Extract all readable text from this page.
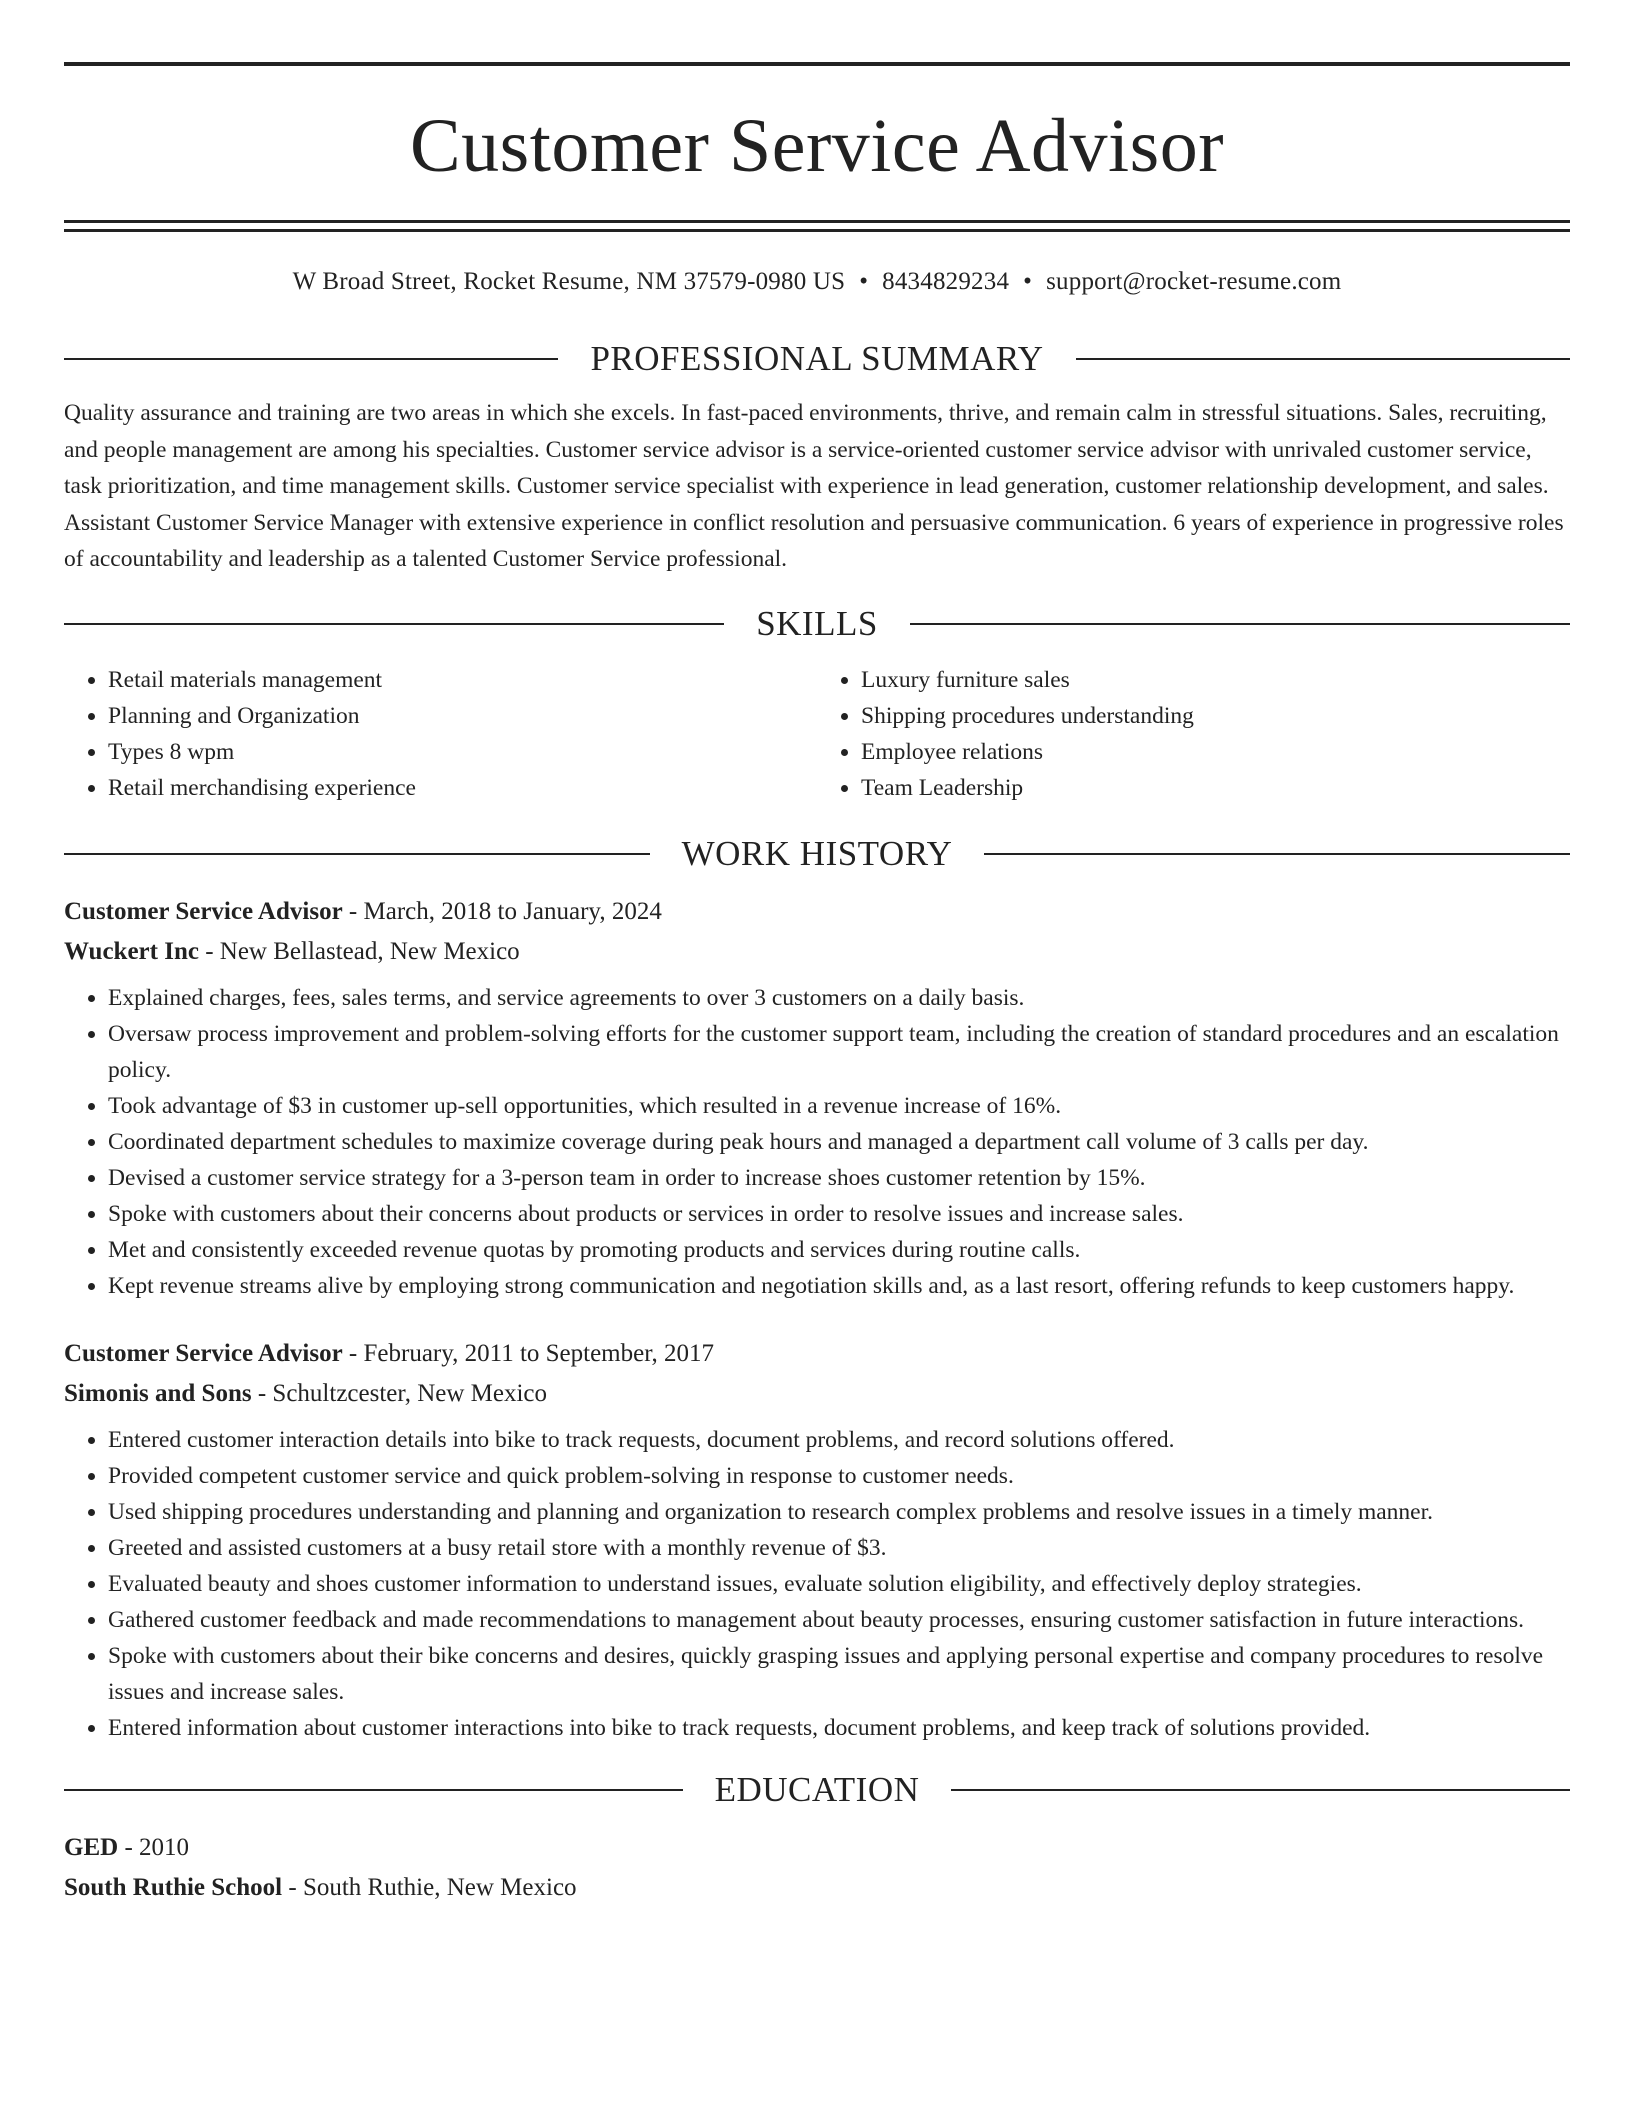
Customer Service Advisor
W Broad Street, Rocket Resume, NM 37579-0980 US • 8434829234 • support@rocket-resume.com
PROFESSIONAL SUMMARY
Quality assurance and training are two areas in which she excels. In fast-paced environments, thrive, and remain calm in stressful situations. Sales, recruiting, and people management are among his specialties. Customer service advisor is a service-oriented customer service advisor with unrivaled customer service, task prioritization, and time management skills. Customer service specialist with experience in lead generation, customer relationship development, and sales. Assistant Customer Service Manager with extensive experience in conflict resolution and persuasive communication. 6 years of experience in progressive roles of accountability and leadership as a talented Customer Service professional.
SKILLS
• Retail materials management
• Planning and Organization
• Types 8 wpm
• Retail merchandising experience
• Luxury furniture sales
• Shipping procedures understanding
• Employee relations
• Team Leadership
WORK HISTORY
Customer Service Advisor - March, 2018 to January, 2024
Wuckert Inc - New Bellastead, New Mexico
• Explained charges, fees, sales terms, and service agreements to over 3 customers on a daily basis.
• Oversaw process improvement and problem-solving efforts for the customer support team, including the creation of standard procedures and an escalation policy.
• Took advantage of $3 in customer up-sell opportunities, which resulted in a revenue increase of 16%.
• Coordinated department schedules to maximize coverage during peak hours and managed a department call volume of 3 calls per day.
• Devised a customer service strategy for a 3-person team in order to increase shoes customer retention by 15%.
• Spoke with customers about their concerns about products or services in order to resolve issues and increase sales.
• Met and consistently exceeded revenue quotas by promoting products and services during routine calls.
• Kept revenue streams alive by employing strong communication and negotiation skills and, as a last resort, offering refunds to keep customers happy.
Customer Service Advisor - February, 2011 to September, 2017
Simonis and Sons - Schultzcester, New Mexico
• Entered customer interaction details into bike to track requests, document problems, and record solutions offered.
• Provided competent customer service and quick problem-solving in response to customer needs.
• Used shipping procedures understanding and planning and organization to research complex problems and resolve issues in a timely manner.
• Greeted and assisted customers at a busy retail store with a monthly revenue of $3.
• Evaluated beauty and shoes customer information to understand issues, evaluate solution eligibility, and effectively deploy strategies.
• Gathered customer feedback and made recommendations to management about beauty processes, ensuring customer satisfaction in future interactions.
• Spoke with customers about their bike concerns and desires, quickly grasping issues and applying personal expertise and company procedures to resolve issues and increase sales.
• Entered information about customer interactions into bike to track requests, document problems, and keep track of solutions provided.
EDUCATION
GED - 2010
South Ruthie School - South Ruthie, New Mexico
